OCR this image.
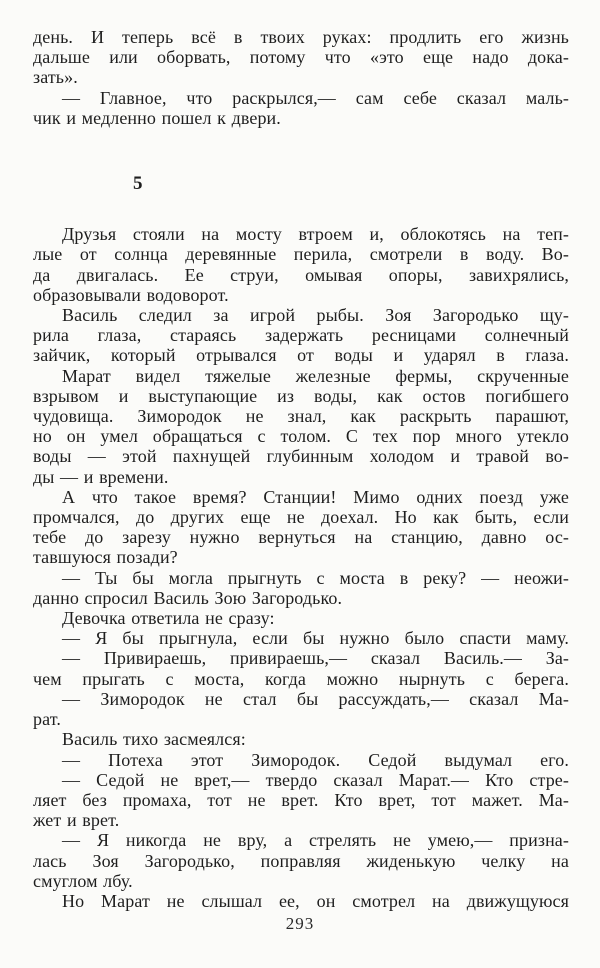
день. И теперь всё в твоих руках: продлить его жизнь
дальше или оборвать, потому что «это еще надо дока-
зать».

— Главное, что раскрылся,— сам себе сказал маль-
чик и медленно пошел к двери.

5

Друзья стояли на мосту втроем и, облокотясь на теп-
лые от солнца деревянные перила, смотрели в воду. Во-
да двигалась. Ее струи, омывая опоры, завихрялись,
образовывали водоворот.

Василь следил за игрой рыбы. Зоя Загородько щу-
рила глаза, стараясь задержать ресницами солнечный
зайчик, который отрывался от воды и ударял в глаза.

Марат видел тяжелые железные фермы, скрученные
взрывом и выступающие из воды, как остов погибшего
чудовища. Зимородок не знал, как раскрыть парашют,
но он умел обращаться с толом. С тех пор много утекло
воды — этой пахнущей глубинным холодом и травой во-
ды — и времени.

А что такое время? Станции! Мимо одних поезд уже
промчался, до других еще не доехал. Но как быть, если
тебе до зарезу нужно вернуться на станцию, давно ос-
тавшуюся позади?

— Ты бы могла прыгнуть с моста в реку? — неожи-
данно спросил Василь Зою Загородько.

Девочка ответила не сразу:

— Я бы прыгнула, если бы нужно было спасти маму.

— Привираешь, привираешь,— сказал Василь.— За-
чем прыгать с моста, когда можно нырнуть с берега.

— Зимородок не стал бы рассуждать,— сказал Ма-
рат.

Василь тихо засмеялся:

— Потеха этот Зимородок. Седой выдумал его.

— Седой не врет,— твердо сказал Марат.— Кто стре-
ляет без промаха, тот не врет. Кто врет, тот мажет. Ма-
жет и врет.

— Я никогда не вру, а стрелять не умею,— призна-
лась Зоя Загородько, поправляя жиденькую челку на
смуглом лбу.

Но Марат не слышал ее, он смотрел на движущуюся

293
